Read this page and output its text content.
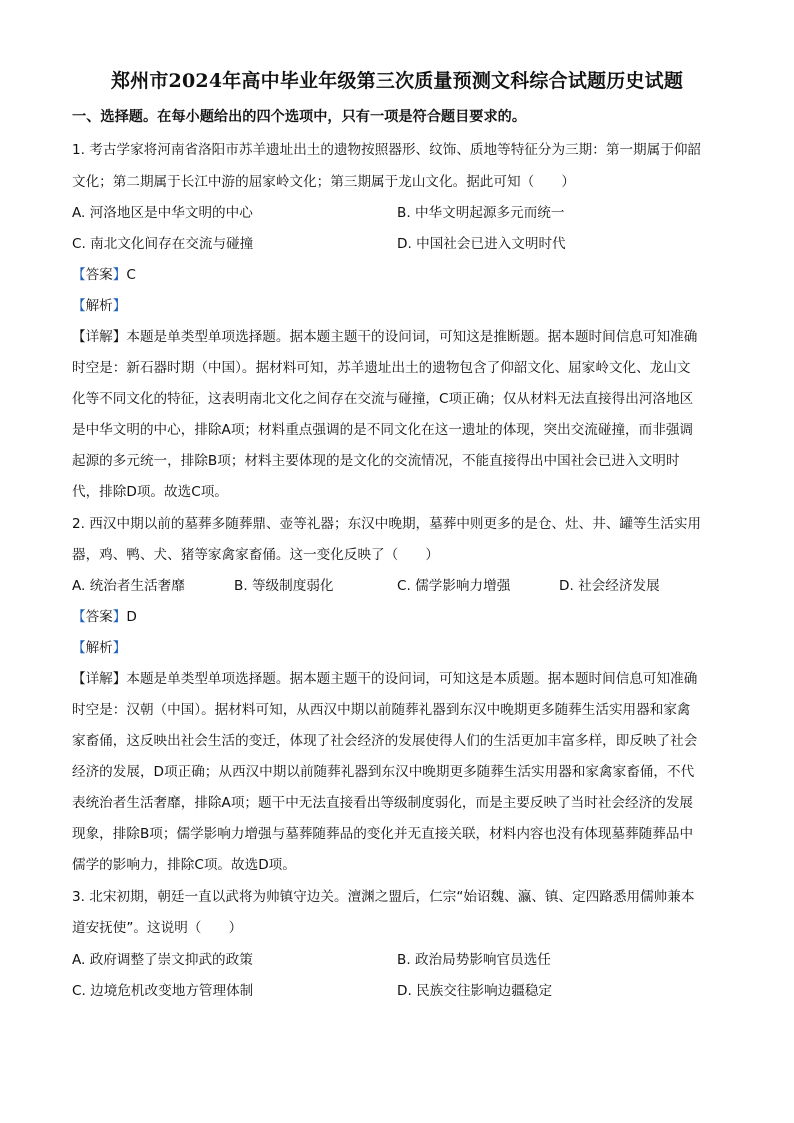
郑州市2024年高中毕业年级第三次质量预测文科综合试题历史试题
一、选择题。在每小题给出的四个选项中，只有一项是符合题目要求的。
1. 考古学家将河南省洛阳市苏羊遗址出土的遗物按照器形、纹饰、质地等特征分为三期：第一期属于仰韶
文化；第二期属于长江中游的屈家岭文化；第三期属于龙山文化。据此可知（　　）
A. 河洛地区是中华文明的中心	B. 中华文明起源多元而统一
C. 南北文化间存在交流与碰撞	D. 中国社会已进入文明时代
【答案】C
【解析】
【详解】本题是单类型单项选择题。据本题主题干的设问词，可知这是推断题。据本题时间信息可知准确
时空是：新石器时期（中国）。据材料可知，苏羊遗址出土的遗物包含了仰韶文化、屈家岭文化、龙山文
化等不同文化的特征，这表明南北文化之间存在交流与碰撞，C项正确；仅从材料无法直接得出河洛地区
是中华文明的中心，排除A项；材料重点强调的是不同文化在这一遗址的体现，突出交流碰撞，而非强调
起源的多元统一，排除B项；材料主要体现的是文化的交流情况，不能直接得出中国社会已进入文明时
代，排除D项。故选C项。
2. 西汉中期以前的墓葬多随葬鼎、壶等礼器；东汉中晚期，墓葬中则更多的是仓、灶、井、罐等生活实用
器，鸡、鸭、犬、猪等家禽家畜俑。这一变化反映了（　　）
A. 统治者生活奢靡	B. 等级制度弱化	C. 儒学影响力增强	D. 社会经济发展
【答案】D
【解析】
【详解】本题是单类型单项选择题。据本题主题干的设问词，可知这是本质题。据本题时间信息可知准确
时空是：汉朝（中国）。据材料可知，从西汉中期以前随葬礼器到东汉中晚期更多随葬生活实用器和家禽
家畜俑，这反映出社会生活的变迁，体现了社会经济的发展使得人们的生活更加丰富多样，即反映了社会
经济的发展，D项正确；从西汉中期以前随葬礼器到东汉中晚期更多随葬生活实用器和家禽家畜俑，不代
表统治者生活奢靡，排除A项；题干中无法直接看出等级制度弱化，而是主要反映了当时社会经济的发展
现象，排除B项；儒学影响力增强与墓葬随葬品的变化并无直接关联，材料内容也没有体现墓葬随葬品中
儒学的影响力，排除C项。故选D项。
3. 北宋初期，朝廷一直以武将为帅镇守边关。澶渊之盟后，仁宗“始诏魏、瀛、镇、定四路悉用儒帅兼本
道安抚使”。这说明（　　）
A. 政府调整了崇文抑武的政策	B. 政治局势影响官员选任
C. 边境危机改变地方管理体制	D. 民族交往影响边疆稳定
